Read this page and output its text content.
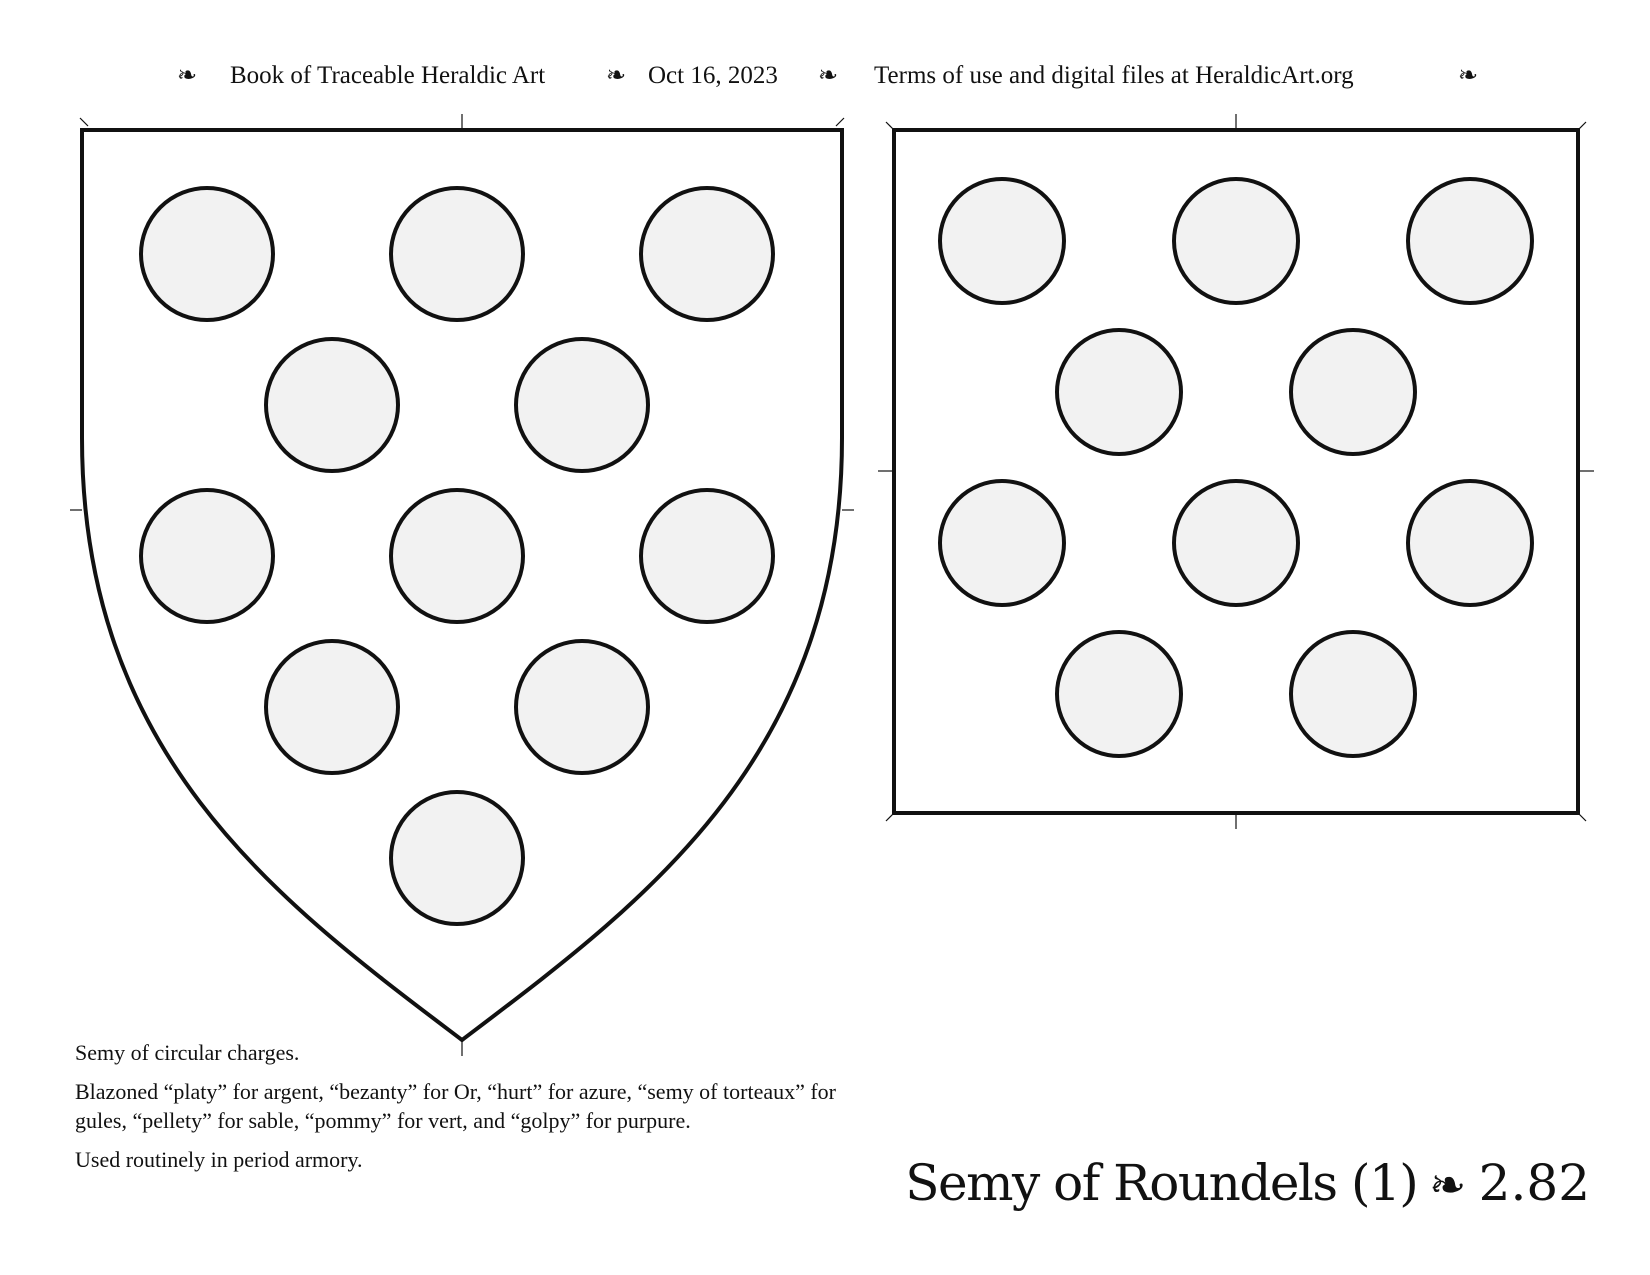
❧ Book of Traceable Heraldic Art	❧ Oct 16, 2023 ❧ Terms of use and digital files at HeraldicArt.org	❧

Semy of circular charges.

Blazoned “platy” for argent, “bezanty” for Or, “hurt” for azure, “semy of torteaux” for gules, “pellety” for sable, “pommy” for vert, and “golpy” for purpure.

Used routinely in period armory.	Semy of Roundels (1) ❧ 2.82
